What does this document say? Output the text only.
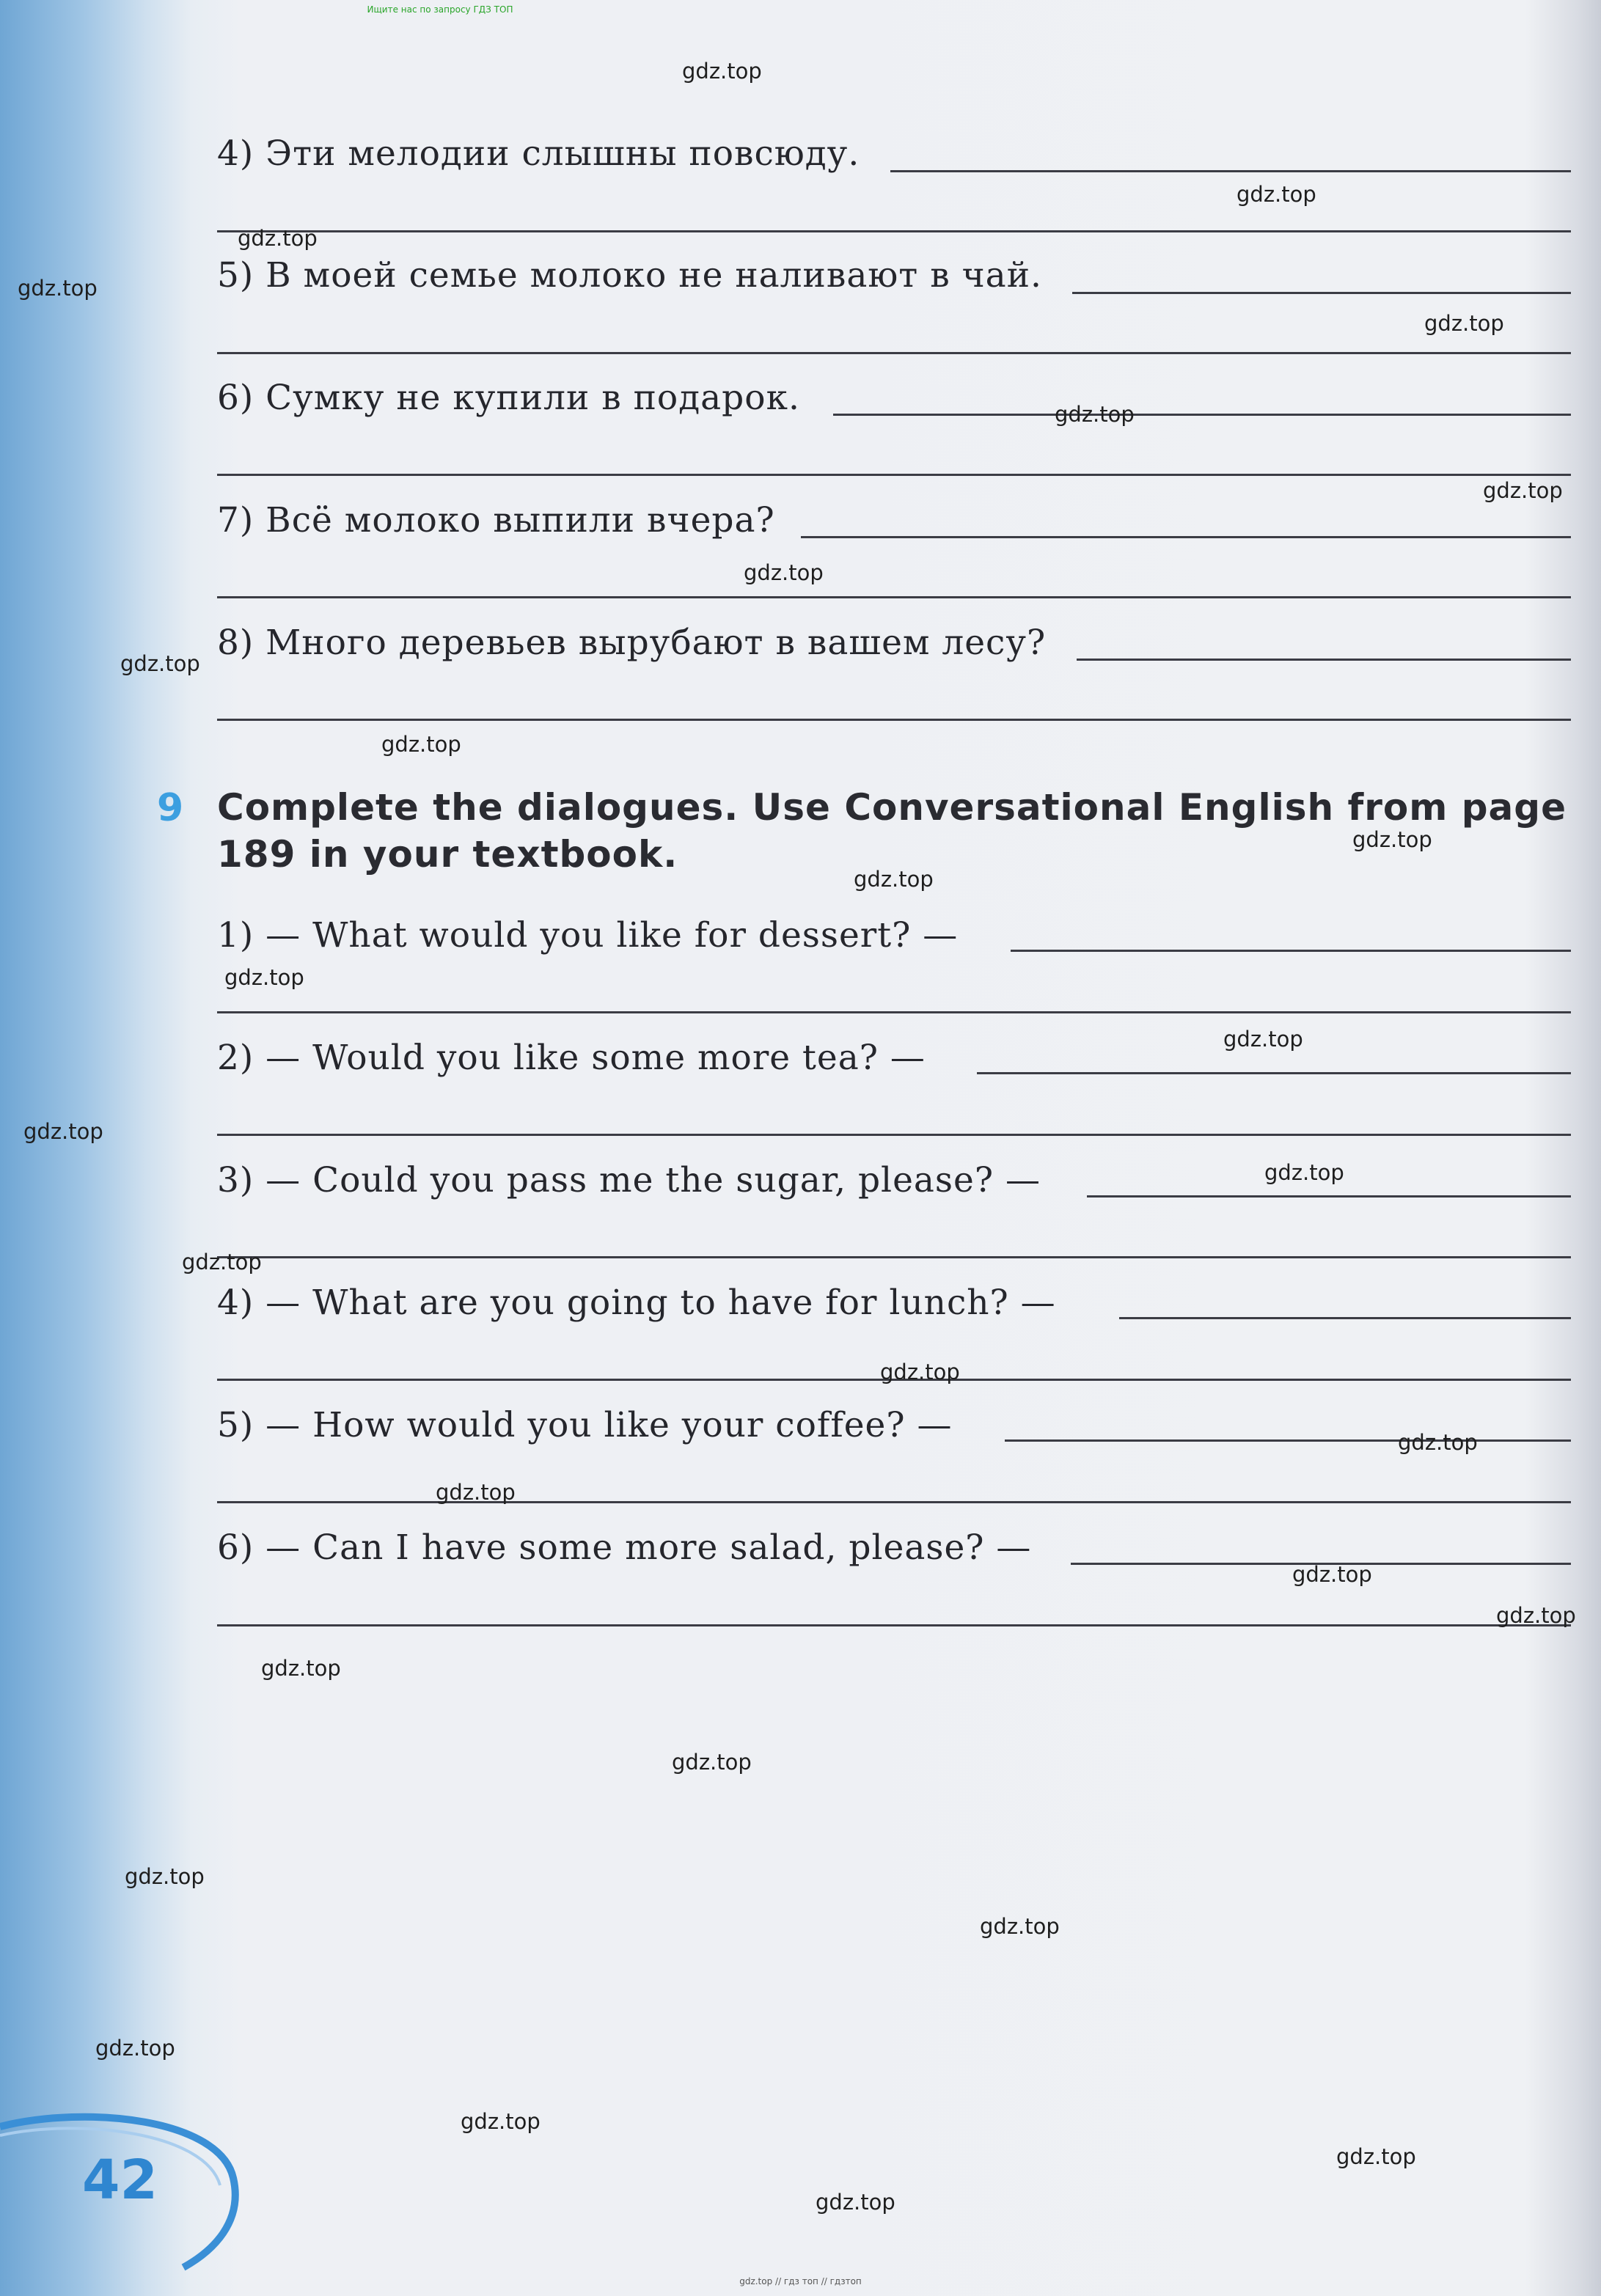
Ищите нас по запросу ГДЗ ТОП
4) Эти мелодии слышны повсюду.
5) В моей семье молоко не наливают в чай.
6) Сумку не купили в подарок.
7) Всё молоко выпили вчера?
8) Много деревьев вырубают в вашем лесу?
9 Complete the dialogues. Use Conversational English from page
189 in your textbook.
1) — What would you like for dessert? —
2) — Would you like some more tea? —
3) — Could you pass me the sugar, please? —
4) — What are you going to have for lunch? —
5) — How would you like your coffee? —
6) — Can I have some more salad, please? —
42
gdz.top
gdz.top
gdz.top
gdz.top
gdz.top
gdz.top
gdz.top
gdz.top
gdz.top
gdz.top
gdz.top
gdz.top
gdz.top
gdz.top
gdz.top
gdz.top
gdz.top
gdz.top
gdz.top
gdz.top
gdz.top
gdz.top
gdz.top
gdz.top
gdz.top
gdz.top
gdz.top
gdz.top
gdz.top
gdz.top
gdz.top // гдз топ // гдзтоп
